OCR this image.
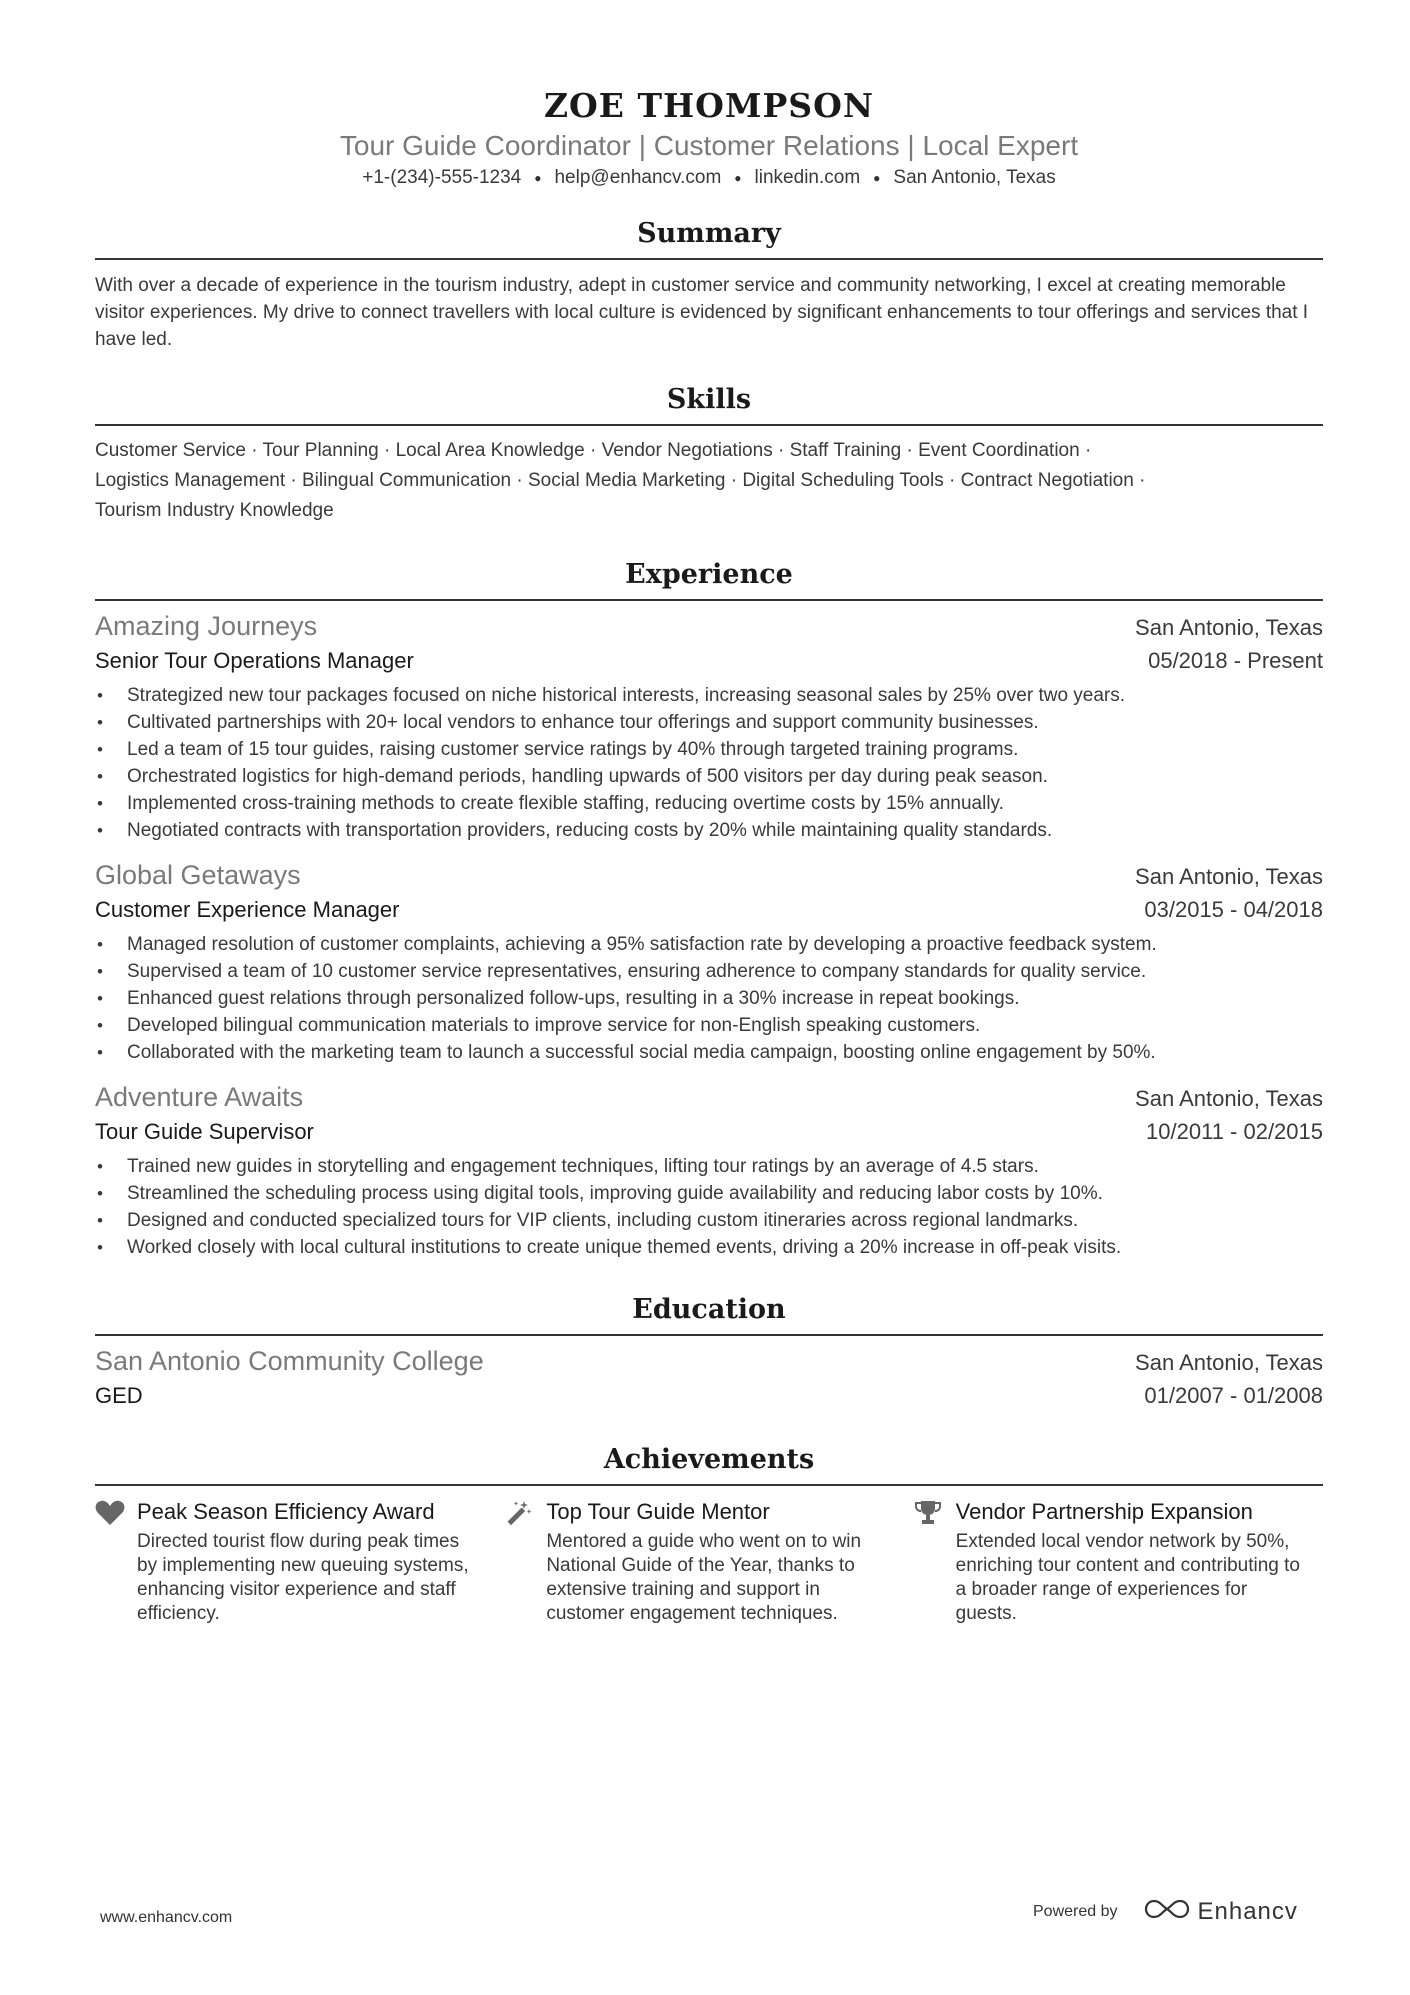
ZOE THOMPSON
Tour Guide Coordinator | Customer Relations | Local Expert
+1-(234)-555-1234 ● help@enhancv.com ● linkedin.com ● San Antonio, Texas
Summary
With over a decade of experience in the tourism industry, adept in customer service and community networking, I excel at creating memorable visitor experiences. My drive to connect travellers with local culture is evidenced by significant enhancements to tour offerings and services that I have led.
Skills
Customer Service · Tour Planning · Local Area Knowledge · Vendor Negotiations · Staff Training · Event Coordination ·
Logistics Management · Bilingual Communication · Social Media Marketing · Digital Scheduling Tools · Contract Negotiation ·
Tourism Industry Knowledge
Experience
Amazing Journeys	San Antonio, Texas
Senior Tour Operations Manager	05/2018 - Present
• Strategized new tour packages focused on niche historical interests, increasing seasonal sales by 25% over two years.
• Cultivated partnerships with 20+ local vendors to enhance tour offerings and support community businesses.
• Led a team of 15 tour guides, raising customer service ratings by 40% through targeted training programs.
• Orchestrated logistics for high-demand periods, handling upwards of 500 visitors per day during peak season.
• Implemented cross-training methods to create flexible staffing, reducing overtime costs by 15% annually.
• Negotiated contracts with transportation providers, reducing costs by 20% while maintaining quality standards.
Global Getaways	San Antonio, Texas
Customer Experience Manager	03/2015 - 04/2018
• Managed resolution of customer complaints, achieving a 95% satisfaction rate by developing a proactive feedback system.
• Supervised a team of 10 customer service representatives, ensuring adherence to company standards for quality service.
• Enhanced guest relations through personalized follow-ups, resulting in a 30% increase in repeat bookings.
• Developed bilingual communication materials to improve service for non-English speaking customers.
• Collaborated with the marketing team to launch a successful social media campaign, boosting online engagement by 50%.
Adventure Awaits	San Antonio, Texas
Tour Guide Supervisor	10/2011 - 02/2015
• Trained new guides in storytelling and engagement techniques, lifting tour ratings by an average of 4.5 stars.
• Streamlined the scheduling process using digital tools, improving guide availability and reducing labor costs by 10%.
• Designed and conducted specialized tours for VIP clients, including custom itineraries across regional landmarks.
• Worked closely with local cultural institutions to create unique themed events, driving a 20% increase in off-peak visits.
Education
San Antonio Community College	San Antonio, Texas
GED	01/2007 - 01/2008
Achievements
Peak Season Efficiency Award
Directed tourist flow during peak times by implementing new queuing systems, enhancing visitor experience and staff efficiency.
Top Tour Guide Mentor
Mentored a guide who went on to win National Guide of the Year, thanks to extensive training and support in customer engagement techniques.
Vendor Partnership Expansion
Extended local vendor network by 50%, enriching tour content and contributing to a broader range of experiences for guests.
www.enhancv.com	Powered by	Enhancv
